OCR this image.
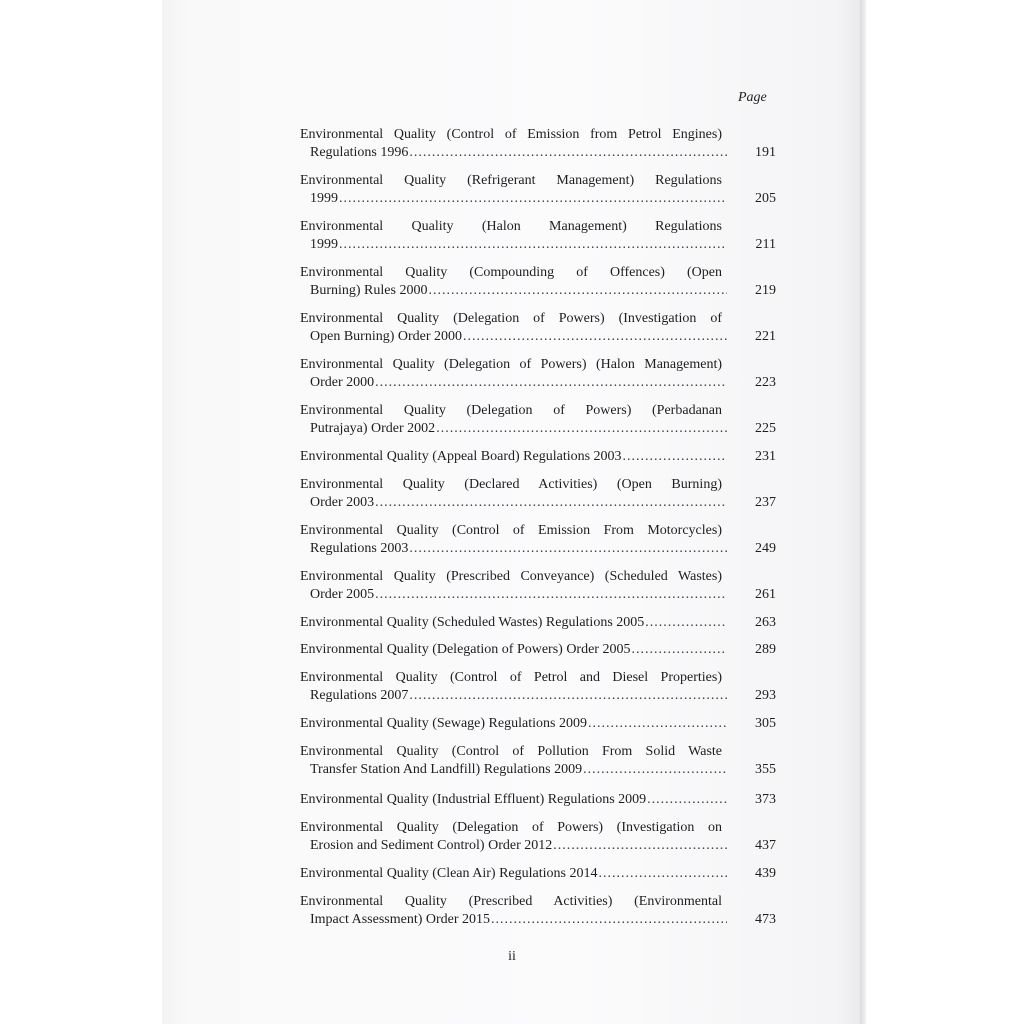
Page
Environmental Quality (Control of Emission from Petrol Engines)
Regulations 1996 .....	191
Environmental Quality (Refrigerant Management) Regulations
1999 .....	205
Environmental Quality (Halon Management) Regulations
1999 .....	211
Environmental Quality (Compounding of Offences) (Open
Burning) Rules 2000 .....	219
Environmental Quality (Delegation of Powers) (Investigation of
Open Burning) Order 2000 .....	221
Environmental Quality (Delegation of Powers) (Halon Management)
Order 2000 .....	223
Environmental Quality (Delegation of Powers) (Perbadanan
Putrajaya) Order 2002 .....	225
Environmental Quality (Appeal Board) Regulations 2003 .....	231
Environmental Quality (Declared Activities) (Open Burning)
Order 2003 .....	237
Environmental Quality (Control of Emission From Motorcycles)
Regulations 2003 .....	249
Environmental Quality (Prescribed Conveyance) (Scheduled Wastes)
Order 2005 .....	261
Environmental Quality (Scheduled Wastes) Regulations 2005 .....	263
Environmental Quality (Delegation of Powers) Order 2005 .....	289
Environmental Quality (Control of Petrol and Diesel Properties)
Regulations 2007 .....	293
Environmental Quality (Sewage) Regulations 2009 .....	305
Environmental Quality (Control of Pollution From Solid Waste
Transfer Station And Landfill) Regulations 2009 .....	355
Environmental Quality (Industrial Effluent) Regulations 2009 .....	373
Environmental Quality (Delegation of Powers) (Investigation on
Erosion and Sediment Control) Order 2012 .....	437
Environmental Quality (Clean Air) Regulations 2014 .....	439
Environmental Quality (Prescribed Activities) (Environmental
Impact Assessment) Order 2015 .....	473
ii
